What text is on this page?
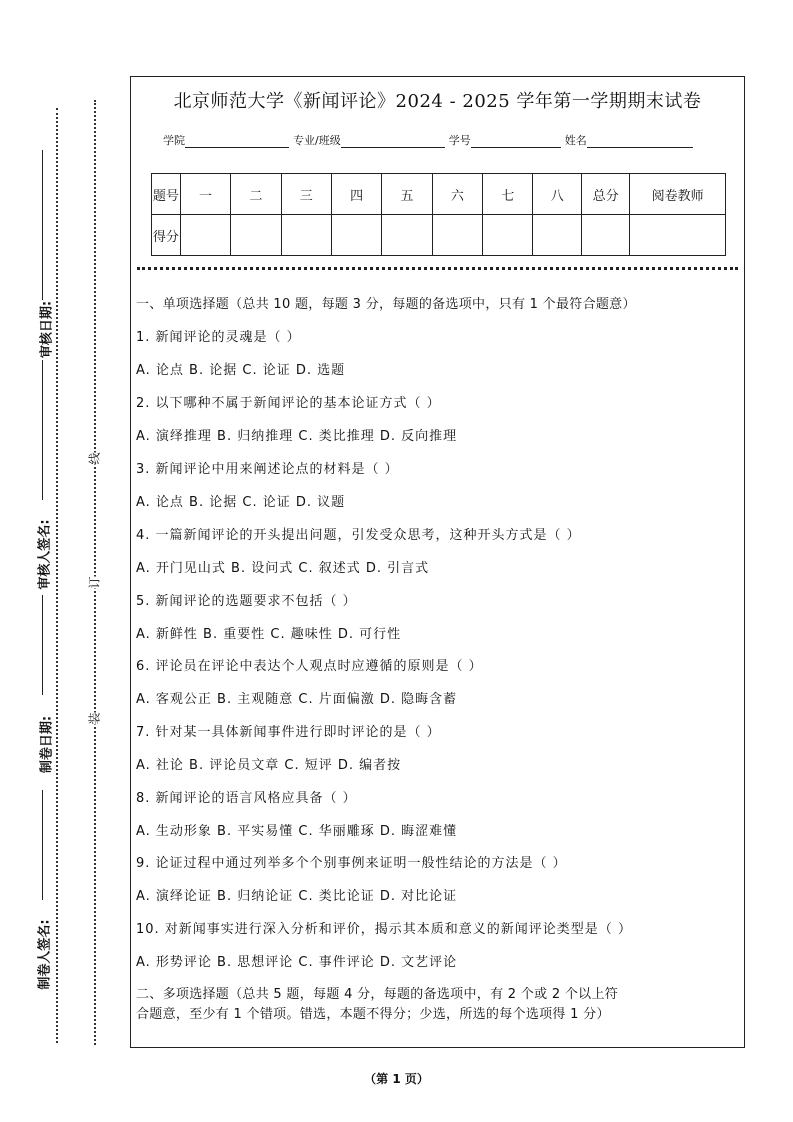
审核日期:
审核人签名:
制卷日期:
制卷人签名:
线
订
装
北京师范大学《新闻评论》2024 - 2025 学年第一学期期末试卷
学院	专业/班级	学号	姓名
题号	一	二	三	四	五	六	七	八	总分	阅卷教师
得分										
一、单项选择题（总共 10 题，每题 3 分，每题的备选项中，只有 1 个最符合题意）
1. 新闻评论的灵魂是（ ）
A. 论点 B. 论据 C. 论证 D. 选题
2. 以下哪种不属于新闻评论的基本论证方式（ ）
A. 演绎推理 B. 归纳推理 C. 类比推理 D. 反向推理
3. 新闻评论中用来阐述论点的材料是（ ）
A. 论点 B. 论据 C. 论证 D. 议题
4. 一篇新闻评论的开头提出问题，引发受众思考，这种开头方式是（ ）
A. 开门见山式 B. 设问式 C. 叙述式 D. 引言式
5. 新闻评论的选题要求不包括（ ）
A. 新鲜性 B. 重要性 C. 趣味性 D. 可行性
6. 评论员在评论中表达个人观点时应遵循的原则是（ ）
A. 客观公正 B. 主观随意 C. 片面偏激 D. 隐晦含蓄
7. 针对某一具体新闻事件进行即时评论的是（ ）
A. 社论 B. 评论员文章 C. 短评 D. 编者按
8. 新闻评论的语言风格应具备（ ）
A. 生动形象 B. 平实易懂 C. 华丽雕琢 D. 晦涩难懂
9. 论证过程中通过列举多个个别事例来证明一般性结论的方法是（ ）
A. 演绎论证 B. 归纳论证 C. 类比论证 D. 对比论证
10. 对新闻事实进行深入分析和评价，揭示其本质和意义的新闻评论类型是（ ）
A. 形势评论 B. 思想评论 C. 事件评论 D. 文艺评论
二、多项选择题（总共 5 题，每题 4 分，每题的备选项中，有 2 个或 2 个以上符
合题意，至少有 1 个错项。错选，本题不得分；少选，所选的每个选项得 1 分）
（第 1 页）
